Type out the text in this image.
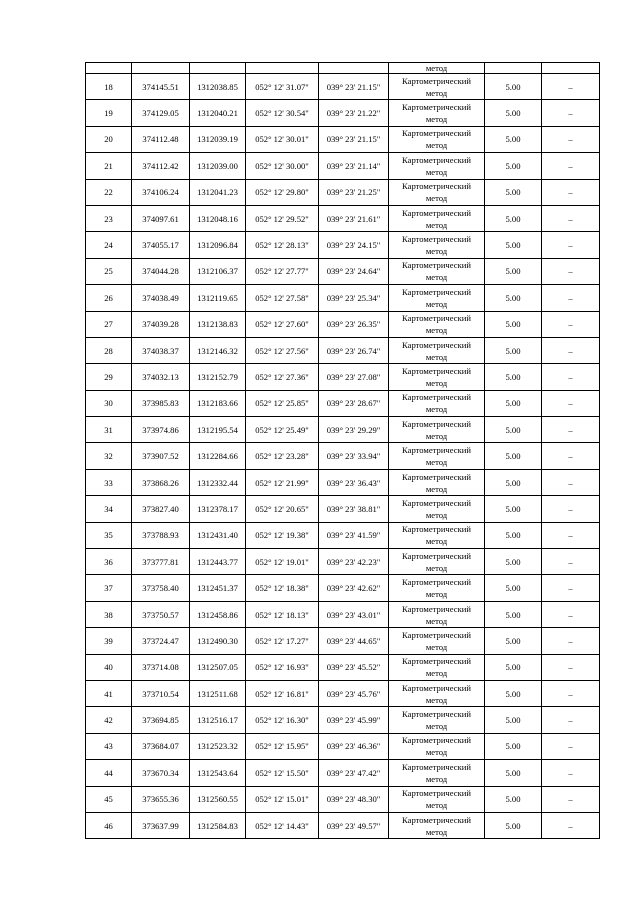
					метод		
18	374145.51	1312038.85	052° 12' 31.07"	039° 23' 21.15"	Картометрический
метод	5.00	–
19	374129.05	1312040.21	052° 12' 30.54"	039° 23' 21.22"	Картометрический
метод	5.00	–
20	374112.48	1312039.19	052° 12' 30.01"	039° 23' 21.15"	Картометрический
метод	5.00	–
21	374112.42	1312039.00	052° 12' 30.00"	039° 23' 21.14"	Картометрический
метод	5.00	–
22	374106.24	1312041.23	052° 12' 29.80"	039° 23' 21.25"	Картометрический
метод	5.00	–
23	374097.61	1312048.16	052° 12' 29.52"	039° 23' 21.61"	Картометрический
метод	5.00	–
24	374055.17	1312096.84	052° 12' 28.13"	039° 23' 24.15"	Картометрический
метод	5.00	–
25	374044.28	1312106.37	052° 12' 27.77"	039° 23' 24.64"	Картометрический
метод	5.00	–
26	374038.49	1312119.65	052° 12' 27.58"	039° 23' 25.34"	Картометрический
метод	5.00	–
27	374039.28	1312138.83	052° 12' 27.60"	039° 23' 26.35"	Картометрический
метод	5.00	–
28	374038.37	1312146.32	052° 12' 27.56"	039° 23' 26.74"	Картометрический
метод	5.00	–
29	374032.13	1312152.79	052° 12' 27.36"	039° 23' 27.08"	Картометрический
метод	5.00	–
30	373985.83	1312183.66	052° 12' 25.85"	039° 23' 28.67"	Картометрический
метод	5.00	–
31	373974.86	1312195.54	052° 12' 25.49"	039° 23' 29.29"	Картометрический
метод	5.00	–
32	373907.52	1312284.66	052° 12' 23.28"	039° 23' 33.94"	Картометрический
метод	5.00	–
33	373868.26	1312332.44	052° 12' 21.99"	039° 23' 36.43"	Картометрический
метод	5.00	–
34	373827.40	1312378.17	052° 12' 20.65"	039° 23' 38.81"	Картометрический
метод	5.00	–
35	373788.93	1312431.40	052° 12' 19.38"	039° 23' 41.59"	Картометрический
метод	5.00	–
36	373777.81	1312443.77	052° 12' 19.01"	039° 23' 42.23"	Картометрический
метод	5.00	–
37	373758.40	1312451.37	052° 12' 18.38"	039° 23' 42.62"	Картометрический
метод	5.00	–
38	373750.57	1312458.86	052° 12' 18.13"	039° 23' 43.01"	Картометрический
метод	5.00	–
39	373724.47	1312490.30	052° 12' 17.27"	039° 23' 44.65"	Картометрический
метод	5.00	–
40	373714.08	1312507.05	052° 12' 16.93"	039° 23' 45.52"	Картометрический
метод	5.00	–
41	373710.54	1312511.68	052° 12' 16.81"	039° 23' 45.76"	Картометрический
метод	5.00	–
42	373694.85	1312516.17	052° 12' 16.30"	039° 23' 45.99"	Картометрический
метод	5.00	–
43	373684.07	1312523.32	052° 12' 15.95"	039° 23' 46.36"	Картометрический
метод	5.00	–
44	373670.34	1312543.64	052° 12' 15.50"	039° 23' 47.42"	Картометрический
метод	5.00	–
45	373655.36	1312560.55	052° 12' 15.01"	039° 23' 48.30"	Картометрический
метод	5.00	–
46	373637.99	1312584.83	052° 12' 14.43"	039° 23' 49.57"	Картометрический
метод	5.00	–
